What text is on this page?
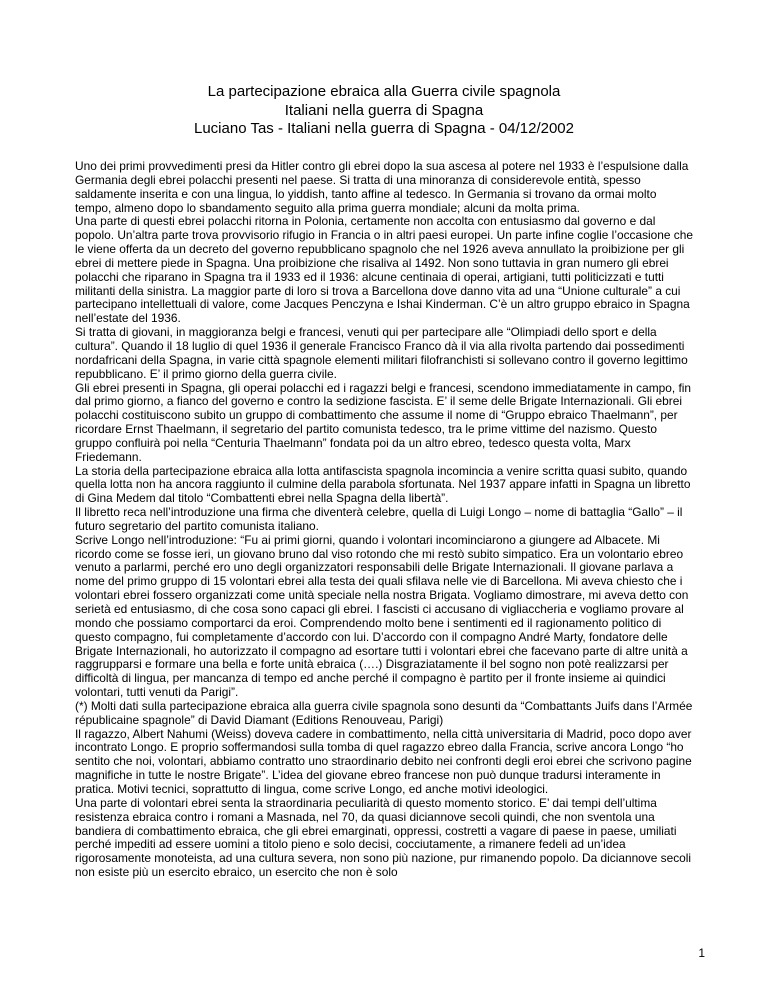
La partecipazione ebraica alla Guerra civile spagnola
Italiani nella guerra di Spagna
Luciano Tas - Italiani nella guerra di Spagna - 04/12/2002

Uno dei primi provvedimenti presi da Hitler contro gli ebrei dopo la sua ascesa al potere nel 1933 è l’espulsione dalla Germania degli ebrei polacchi presenti nel paese. Si tratta di una minoranza di considerevole entità, spesso saldamente inserita e con una lingua, lo yiddish, tanto affine al tedesco. In Germania si trovano da ormai molto tempo, almeno dopo lo sbandamento seguito alla prima guerra mondiale; alcuni da molta prima.

Una parte di questi ebrei polacchi ritorna in Polonia, certamente non accolta con entusiasmo dal governo e dal popolo. Un’altra parte trova provvisorio rifugio in Francia o in altri paesi europei. Un parte infine coglie l’occasione che le viene offerta da un decreto del governo repubblicano spagnolo che nel 1926 aveva annullato la proibizione per gli ebrei di mettere piede in Spagna. Una proibizione che risaliva al 1492. Non sono tuttavia in gran numero gli ebrei polacchi che riparano in Spagna tra il 1933 ed il 1936: alcune centinaia di operai, artigiani, tutti politicizzati e tutti militanti della sinistra. La maggior parte di loro si trova a Barcellona dove danno vita ad una “Unione culturale” a cui partecipano intellettuali di valore, come Jacques Penczyna e Ishai Kinderman. C’è un altro gruppo ebraico in Spagna nell’estate del 1936.

Si tratta di giovani, in maggioranza belgi e francesi, venuti qui per partecipare alle “Olimpiadi dello sport e della cultura”. Quando il 18 luglio di quel 1936 il generale Francisco Franco dà il via alla rivolta partendo dai possedimenti nordafricani della Spagna, in varie città spagnole elementi militari filofranchisti si sollevano contro il governo legittimo repubblicano. E’ il primo giorno della guerra civile.

Gli ebrei presenti in Spagna, gli operai polacchi ed i ragazzi belgi e francesi, scendono immediatamente in campo, fin dal primo giorno, a fianco del governo e contro la sedizione fascista. E’ il seme delle Brigate Internazionali. Gli ebrei polacchi costituiscono subito un gruppo di combattimento che assume il nome di “Gruppo ebraico Thaelmann”, per ricordare Ernst Thaelmann, il segretario del partito comunista tedesco, tra le prime vittime del nazismo. Questo gruppo confluirà poi nella “Centuria Thaelmann” fondata poi da un altro ebreo, tedesco questa volta, Marx Friedemann.

La storia della partecipazione ebraica alla lotta antifascista spagnola incomincia a venire scritta quasi subito, quando quella lotta non ha ancora raggiunto il culmine della parabola sfortunata. Nel 1937 appare infatti in Spagna un libretto di Gina Medem dal titolo “Combattenti ebrei nella Spagna della libertà”.

Il libretto reca nell’introduzione una firma che diventerà celebre, quella di Luigi Longo – nome di battaglia “Gallo” – il futuro segretario del partito comunista italiano.

Scrive Longo nell’introduzione: “Fu ai primi giorni, quando i volontari incominciarono a giungere ad Albacete. Mi ricordo come se fosse ieri, un giovano bruno dal viso rotondo che mi restò subito simpatico. Era un volontario ebreo venuto a parlarmi, perché ero uno degli organizzatori responsabili delle Brigate Internazionali. Il giovane parlava a nome del primo gruppo di 15 volontari ebrei alla testa dei quali sfilava nelle vie di Barcellona. Mi aveva chiesto che i volontari ebrei fossero organizzati come unità speciale nella nostra Brigata. Vogliamo dimostrare, mi aveva detto con serietà ed entusiasmo, di che cosa sono capaci gli ebrei. I fascisti ci accusano di vigliaccheria e vogliamo provare al mondo che possiamo comportarci da eroi. Comprendendo molto bene i sentimenti ed il ragionamento politico di questo compagno, fui completamente d’accordo con lui. D’accordo con il compagno André Marty, fondatore delle Brigate Internazionali, ho autorizzato il compagno ad esortare tutti i volontari ebrei che facevano parte di altre unità a raggrupparsi e formare una bella e forte unità ebraica (….) Disgraziatamente il bel sogno non potè realizzarsi per difficoltà di lingua, per mancanza di tempo ed anche perché il compagno è partito per il fronte insieme ai quindici volontari, tutti venuti da Parigi”.

(*) Molti dati sulla partecipazione ebraica alla guerra civile spagnola sono desunti da “Combattants Juifs dans l’Armée républicaine spagnole” di David Diamant (Editions Renouveau, Parigi)

Il ragazzo, Albert Nahumi (Weiss) doveva cadere in combattimento, nella città universitaria di Madrid, poco dopo aver incontrato Longo. E proprio soffermandosi sulla tomba di quel ragazzo ebreo dalla Francia, scrive ancora Longo “ho sentito che noi, volontari, abbiamo contratto uno straordinario debito nei confronti degli eroi ebrei che scrivono pagine magnifiche in tutte le nostre Brigate”. L’idea del giovane ebreo francese non può dunque tradursi interamente in pratica. Motivi tecnici, soprattutto di lingua, come scrive Longo, ed anche motivi ideologici.

Una parte di volontari ebrei senta la straordinaria peculiarità di questo momento storico. E’ dai tempi dell’ultima resistenza ebraica contro i romani a Masnada, nel 70, da quasi diciannove secoli quindi, che non sventola una bandiera di combattimento ebraica, che gli ebrei emarginati, oppressi, costretti a vagare di paese in paese, umiliati perché impediti ad essere uomini a titolo pieno e solo decisi, cocciutamente, a rimanere fedeli ad un’idea rigorosamente monoteista, ad una cultura severa, non sono più nazione, pur rimanendo popolo. Da diciannove secoli non esiste più un esercito ebraico, un esercito che non è solo

1
